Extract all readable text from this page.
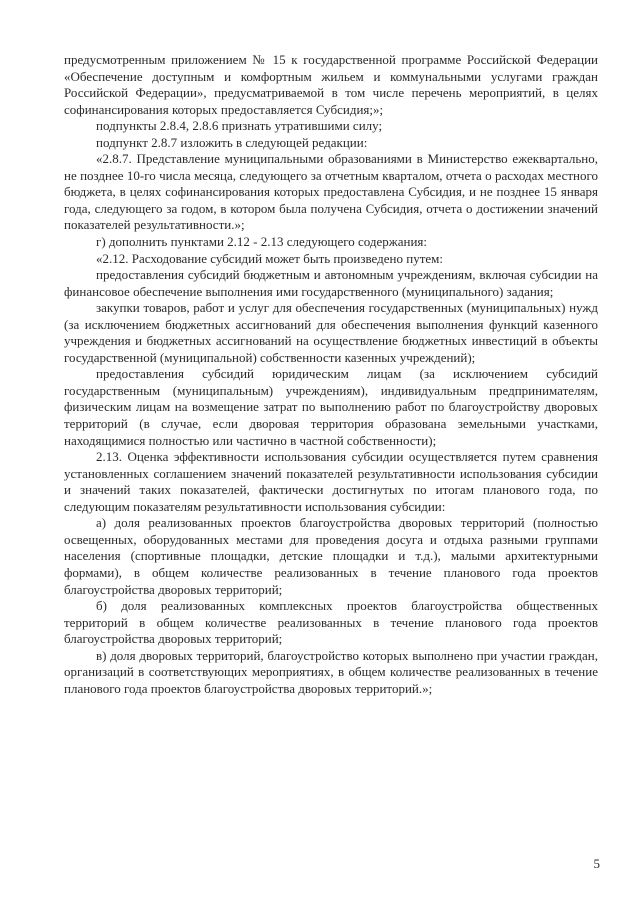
предусмотренным приложением № 15 к государственной программе Российской Федерации «Обеспечение доступным и комфортным жильем и коммунальными услугами граждан Российской Федерации», предусматриваемой в том числе перечень мероприятий, в целях софинансирования которых предоставляется Субсидия;»;

подпункты 2.8.4, 2.8.6 признать утратившими силу;

подпункт 2.8.7 изложить в следующей редакции:

«2.8.7. Представление муниципальными образованиями в Министерство ежеквартально, не позднее 10-го числа месяца, следующего за отчетным кварталом, отчета о расходах местного бюджета, в целях софинансирования которых предоставлена Субсидия, и не позднее 15 января года, следующего за годом, в котором была получена Субсидия, отчета о достижении значений показателей результативности.»;

г) дополнить пунктами 2.12 - 2.13 следующего содержания:

«2.12. Расходование субсидий может быть произведено путем:

предоставления субсидий бюджетным и автономным учреждениям, включая субсидии на финансовое обеспечение выполнения ими государственного (муниципального) задания;

закупки товаров, работ и услуг для обеспечения государственных (муниципальных) нужд (за исключением бюджетных ассигнований для обеспечения выполнения функций казенного учреждения и бюджетных ассигнований на осуществление бюджетных инвестиций в объекты государственной (муниципальной) собственности казенных учреждений);

предоставления субсидий юридическим лицам (за исключением субсидий государственным (муниципальным) учреждениям), индивидуальным предпринимателям, физическим лицам на возмещение затрат по выполнению работ по благоустройству дворовых территорий (в случае, если дворовая территория образована земельными участками, находящимися полностью или частично в частной собственности);

2.13. Оценка эффективности использования субсидии осуществляется путем сравнения установленных соглашением значений показателей результативности использования субсидии и значений таких показателей, фактически достигнутых по итогам планового года, по следующим показателям результативности использования субсидии:

а) доля реализованных проектов благоустройства дворовых территорий (полностью освещенных, оборудованных местами для проведения досуга и отдыха разными группами населения (спортивные площадки, детские площадки и т.д.), малыми архитектурными формами), в общем количестве реализованных в течение планового года проектов благоустройства дворовых территорий;

б) доля реализованных комплексных проектов благоустройства общественных территорий в общем количестве реализованных в течение планового года проектов благоустройства дворовых территорий;

в) доля дворовых территорий, благоустройство которых выполнено при участии граждан, организаций в соответствующих мероприятиях, в общем количестве реализованных в течение планового года проектов благоустройства дворовых территорий.»;

5
